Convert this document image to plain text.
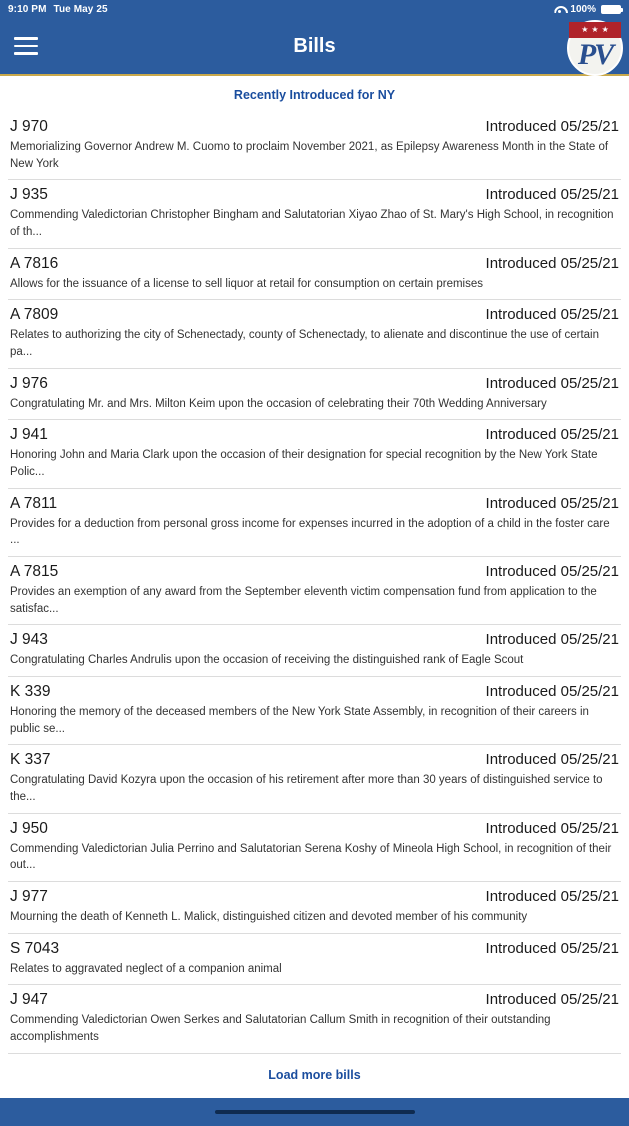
9:10 PM Tue May 25	100%
Bills
★ ★ ★
PV
Recently Introduced for NY
J 970	Introduced 05/25/21
Memorializing Governor Andrew M. Cuomo to proclaim November 2021, as Epilepsy Awareness Month in the State of New York
J 935	Introduced 05/25/21
Commending Valedictorian Christopher Bingham and Salutatorian Xiyao Zhao of St. Mary's High School, in recognition of th...
A 7816	Introduced 05/25/21
Allows for the issuance of a license to sell liquor at retail for consumption on certain premises
A 7809	Introduced 05/25/21
Relates to authorizing the city of Schenectady, county of Schenectady, to alienate and discontinue the use of certain pa...
J 976	Introduced 05/25/21
Congratulating Mr. and Mrs. Milton Keim upon the occasion of celebrating their 70th Wedding Anniversary
J 941	Introduced 05/25/21
Honoring John and Maria Clark upon the occasion of their designation for special recognition by the New York State Polic...
A 7811	Introduced 05/25/21
Provides for a deduction from personal gross income for expenses incurred in the adoption of a child in the foster care ...
A 7815	Introduced 05/25/21
Provides an exemption of any award from the September eleventh victim compensation fund from application to the satisfac...
J 943	Introduced 05/25/21
Congratulating Charles Andrulis upon the occasion of receiving the distinguished rank of Eagle Scout
K 339	Introduced 05/25/21
Honoring the memory of the deceased members of the New York State Assembly, in recognition of their careers in public se...
K 337	Introduced 05/25/21
Congratulating David Kozyra upon the occasion of his retirement after more than 30 years of distinguished service to the...
J 950	Introduced 05/25/21
Commending Valedictorian Julia Perrino and Salutatorian Serena Koshy of Mineola High School, in recognition of their out...
J 977	Introduced 05/25/21
Mourning the death of Kenneth L. Malick, distinguished citizen and devoted member of his community
S 7043	Introduced 05/25/21
Relates to aggravated neglect of a companion animal
J 947	Introduced 05/25/21
Commending Valedictorian Owen Serkes and Salutatorian Callum Smith in recognition of their outstanding accomplishments
Load more bills
